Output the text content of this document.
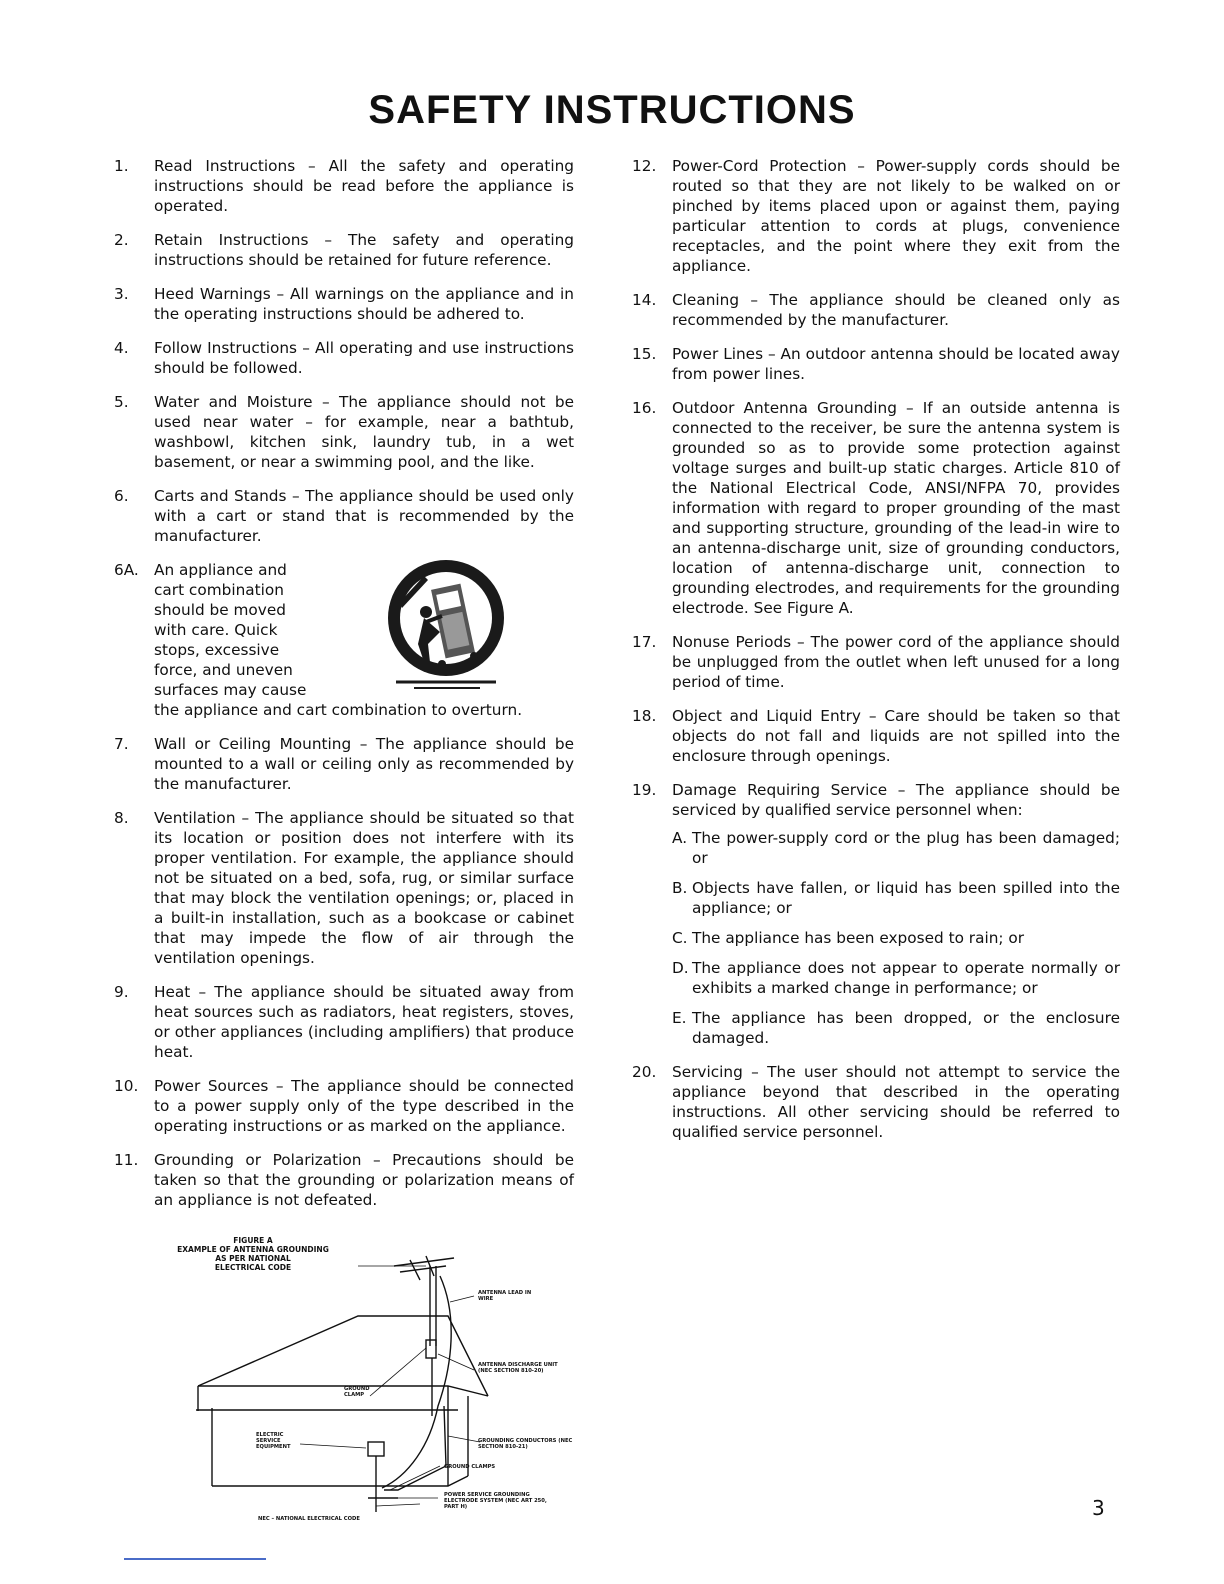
SAFETY INSTRUCTIONS
1.	Read Instructions – All the safety and operating instructions should be read before the appliance is operated.
2.	Retain Instructions – The safety and operating instructions should be retained for future reference.
3.	Heed Warnings – All warnings on the appliance and in the operating instructions should be adhered to.
4.	Follow Instructions – All operating and use instructions should be followed.
5.	Water and Moisture – The appliance should not be used near water – for example, near a bathtub, washbowl, kitchen sink, laundry tub, in a wet basement, or near a swimming pool, and the like.
6.	Carts and Stands – The appliance should be used only with a cart or stand that is recommended by the manufacturer.
6A. An appliance and
cart combination
should be moved
with care. Quick
stops, excessive
force, and uneven
surfaces may cause
the appliance and cart combination to overturn.
7.	Wall or Ceiling Mounting – The appliance should be mounted to a wall or ceiling only as recommended by the manufacturer.
8.	Ventilation – The appliance should be situated so that its location or position does not interfere with its proper ventilation. For example, the appliance should not be situated on a bed, sofa, rug, or similar surface that may block the ventilation openings; or, placed in a built-in installation, such as a bookcase or cabinet that may impede the flow of air through the ventilation openings.
9.	Heat – The appliance should be situated away from heat sources such as radiators, heat registers, stoves, or other appliances (including amplifiers) that produce heat.
10.	Power Sources – The appliance should be connected to a power supply only of the type described in the operating instructions or as marked on the appliance.
11.	Grounding or Polarization – Precautions should be taken so that the grounding or polarization means of an appliance is not defeated.
12.	Power-Cord Protection – Power-supply cords should be routed so that they are not likely to be walked on or pinched by items placed upon or against them, paying particular attention to cords at plugs, convenience receptacles, and the point where they exit from the appliance.
14.	Cleaning – The appliance should be cleaned only as recommended by the manufacturer.
15.	Power Lines – An outdoor antenna should be located away from power lines.
16.	Outdoor Antenna Grounding – If an outside antenna is connected to the receiver, be sure the antenna system is grounded so as to provide some protection against voltage surges and built-up static charges. Article 810 of the National Electrical Code, ANSI/NFPA 70, provides information with regard to proper grounding of the mast and supporting structure, grounding of the lead-in wire to an antenna-discharge unit, size of grounding conductors, location of antenna-discharge unit, connection to grounding electrodes, and requirements for the grounding electrode. See Figure A.
17.	Nonuse Periods – The power cord of the appliance should be unplugged from the outlet when left unused for a long period of time.
18.	Object and Liquid Entry – Care should be taken so that objects do not fall and liquids are not spilled into the enclosure through openings.
19.	Damage Requiring Service – The appliance should be serviced by qualified service personnel when:
A. The power-supply cord or the plug has been damaged; or
B. Objects have fallen, or liquid has been spilled into the appliance; or
C. The appliance has been exposed to rain; or
D. The appliance does not appear to operate normally or exhibits a marked change in performance; or
E. The appliance has been dropped, or the enclosure damaged.
20.	Servicing – The user should not attempt to service the appliance beyond that described in the operating instructions. All other servicing should be referred to qualified service personnel.
FIGURE A
EXAMPLE OF ANTENNA GROUNDING
AS PER NATIONAL
ELECTRICAL CODE
ANTENNA LEAD IN WIRE
GROUND CLAMP
ANTENNA DISCHARGE UNIT (NEC SECTION 810-20)
ELECTRIC SERVICE EQUIPMENT
GROUNDING CONDUCTORS (NEC SECTION 810-21)
GROUND CLAMPS
POWER SERVICE GROUNDING ELECTRODE SYSTEM (NEC ART 250, PART H)
NEC – NATIONAL ELECTRICAL CODE	3
